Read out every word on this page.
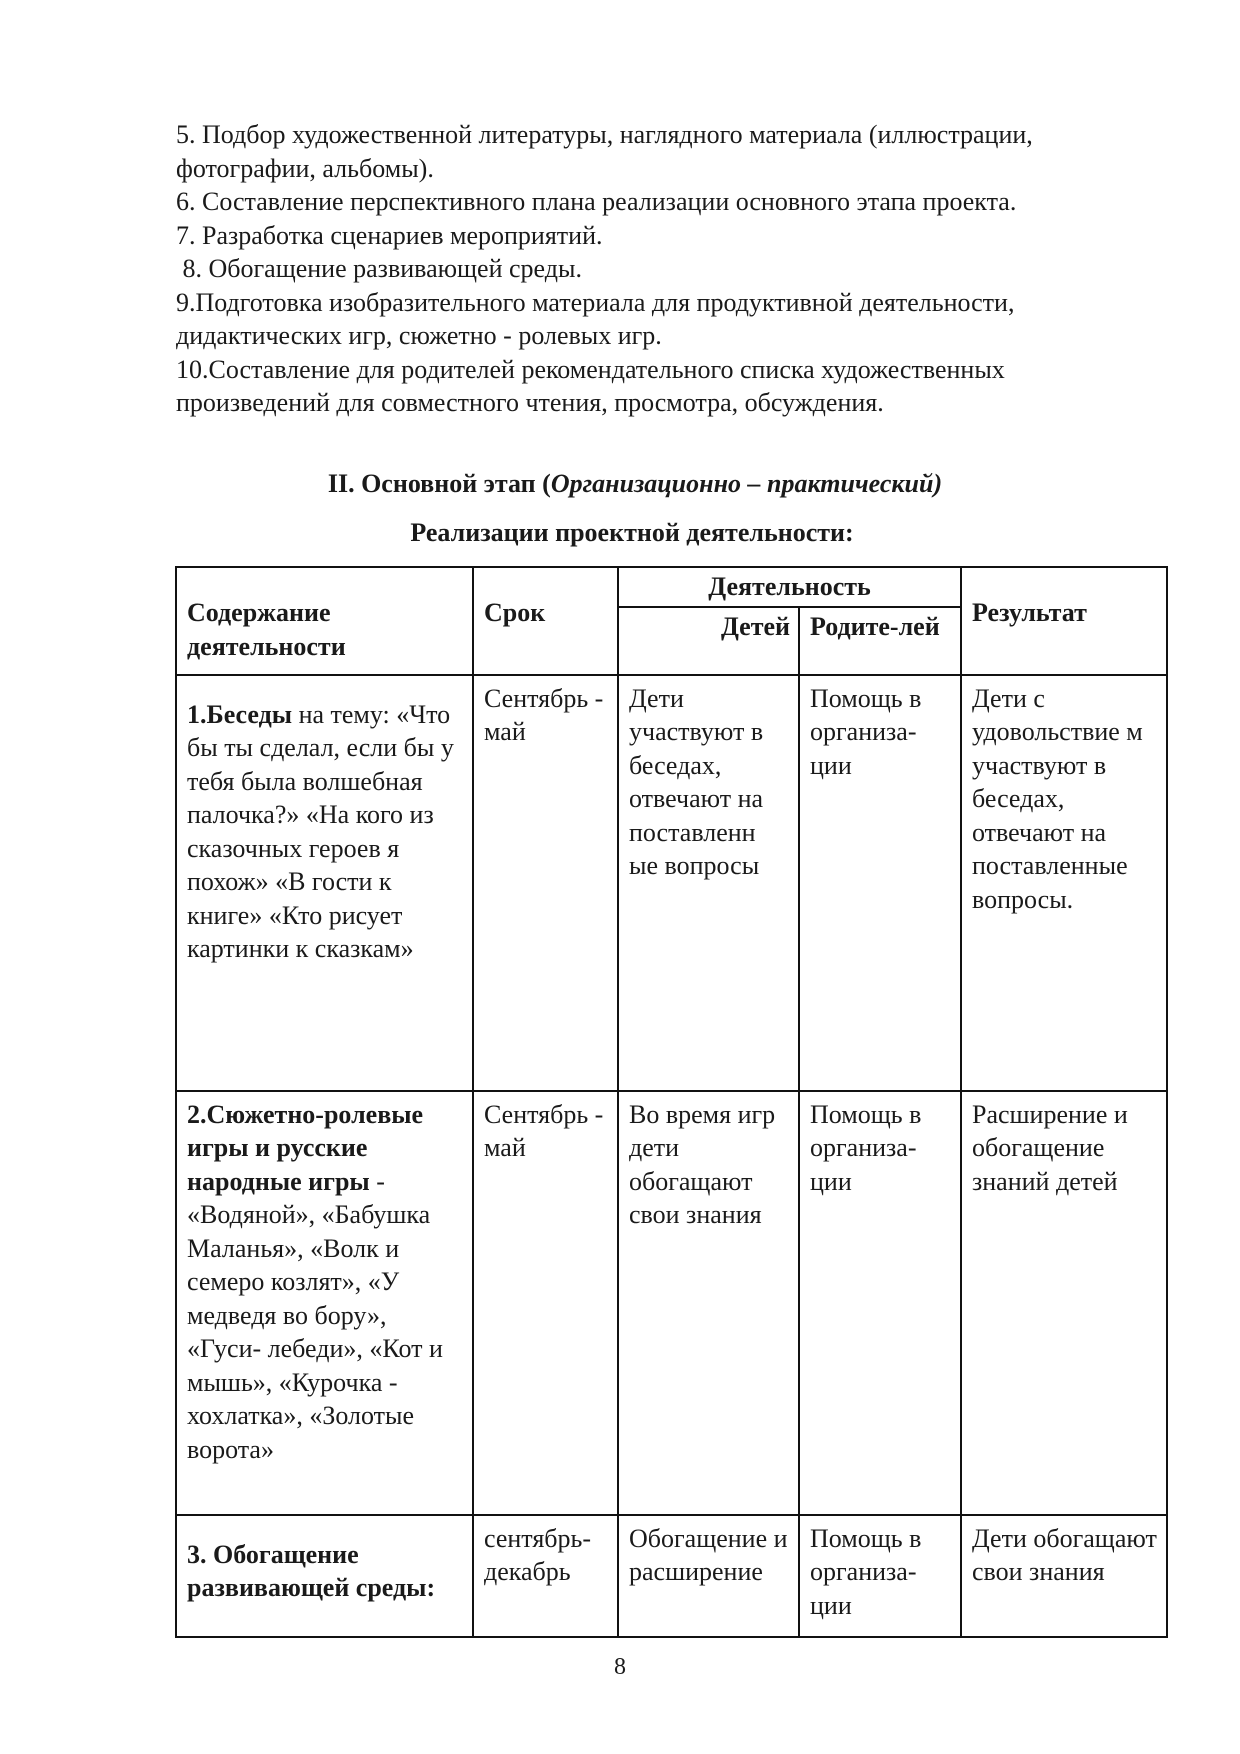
5. Подбор художественной литературы, наглядного материала (иллюстрации,

фотографии, альбомы).

6. Составление перспективного плана реализации основного этапа проекта.

7. Разработка сценариев мероприятий.

8. Обогащение развивающей среды.

9.Подготовка изобразительного материала для продуктивной деятельности,

дидактических игр, сюжетно - ролевых игр.

10.Составление для родителей рекомендательного списка художественных

произведений для совместного чтения, просмотра, обсуждения.

II. Основной этап (Организационно – практический)
Реализации проектной деятельности:
Содержание деятельности	Срок	Деятельность		Результат
		Детей	Родите-лей	

1.Беседы на тему: «Что бы ты сделал, если бы у тебя была волшебная палочка?» «На кого из сказочных героев я похож» «В гости к книге» «Кто рисует картинки к сказкам»	Сентябрь - май	Дети участвуют в беседах, отвечают на поставленн ые вопросы	Помощь в организа-ции	Дети с удовольствие м участвуют в беседах, отвечают на поставленные вопросы.
2.Сюжетно-ролевые игры и русские народные игры - «Водяной», «Бабушка Маланья», «Волк и семеро козлят», «У медведя во бору», «Гуси- лебеди», «Кот и мышь», «Курочка - хохлатка», «Золотые ворота»	Сентябрь - май	Во время игр дети обогащают свои знания	Помощь в организа-ции	Расширение и обогащение знаний детей

3. Обогащение развивающей среды:	сентябрь-декабрь	Обогащение и расширение	Помощь в организа-ции	Дети обогащают свои знания
8
